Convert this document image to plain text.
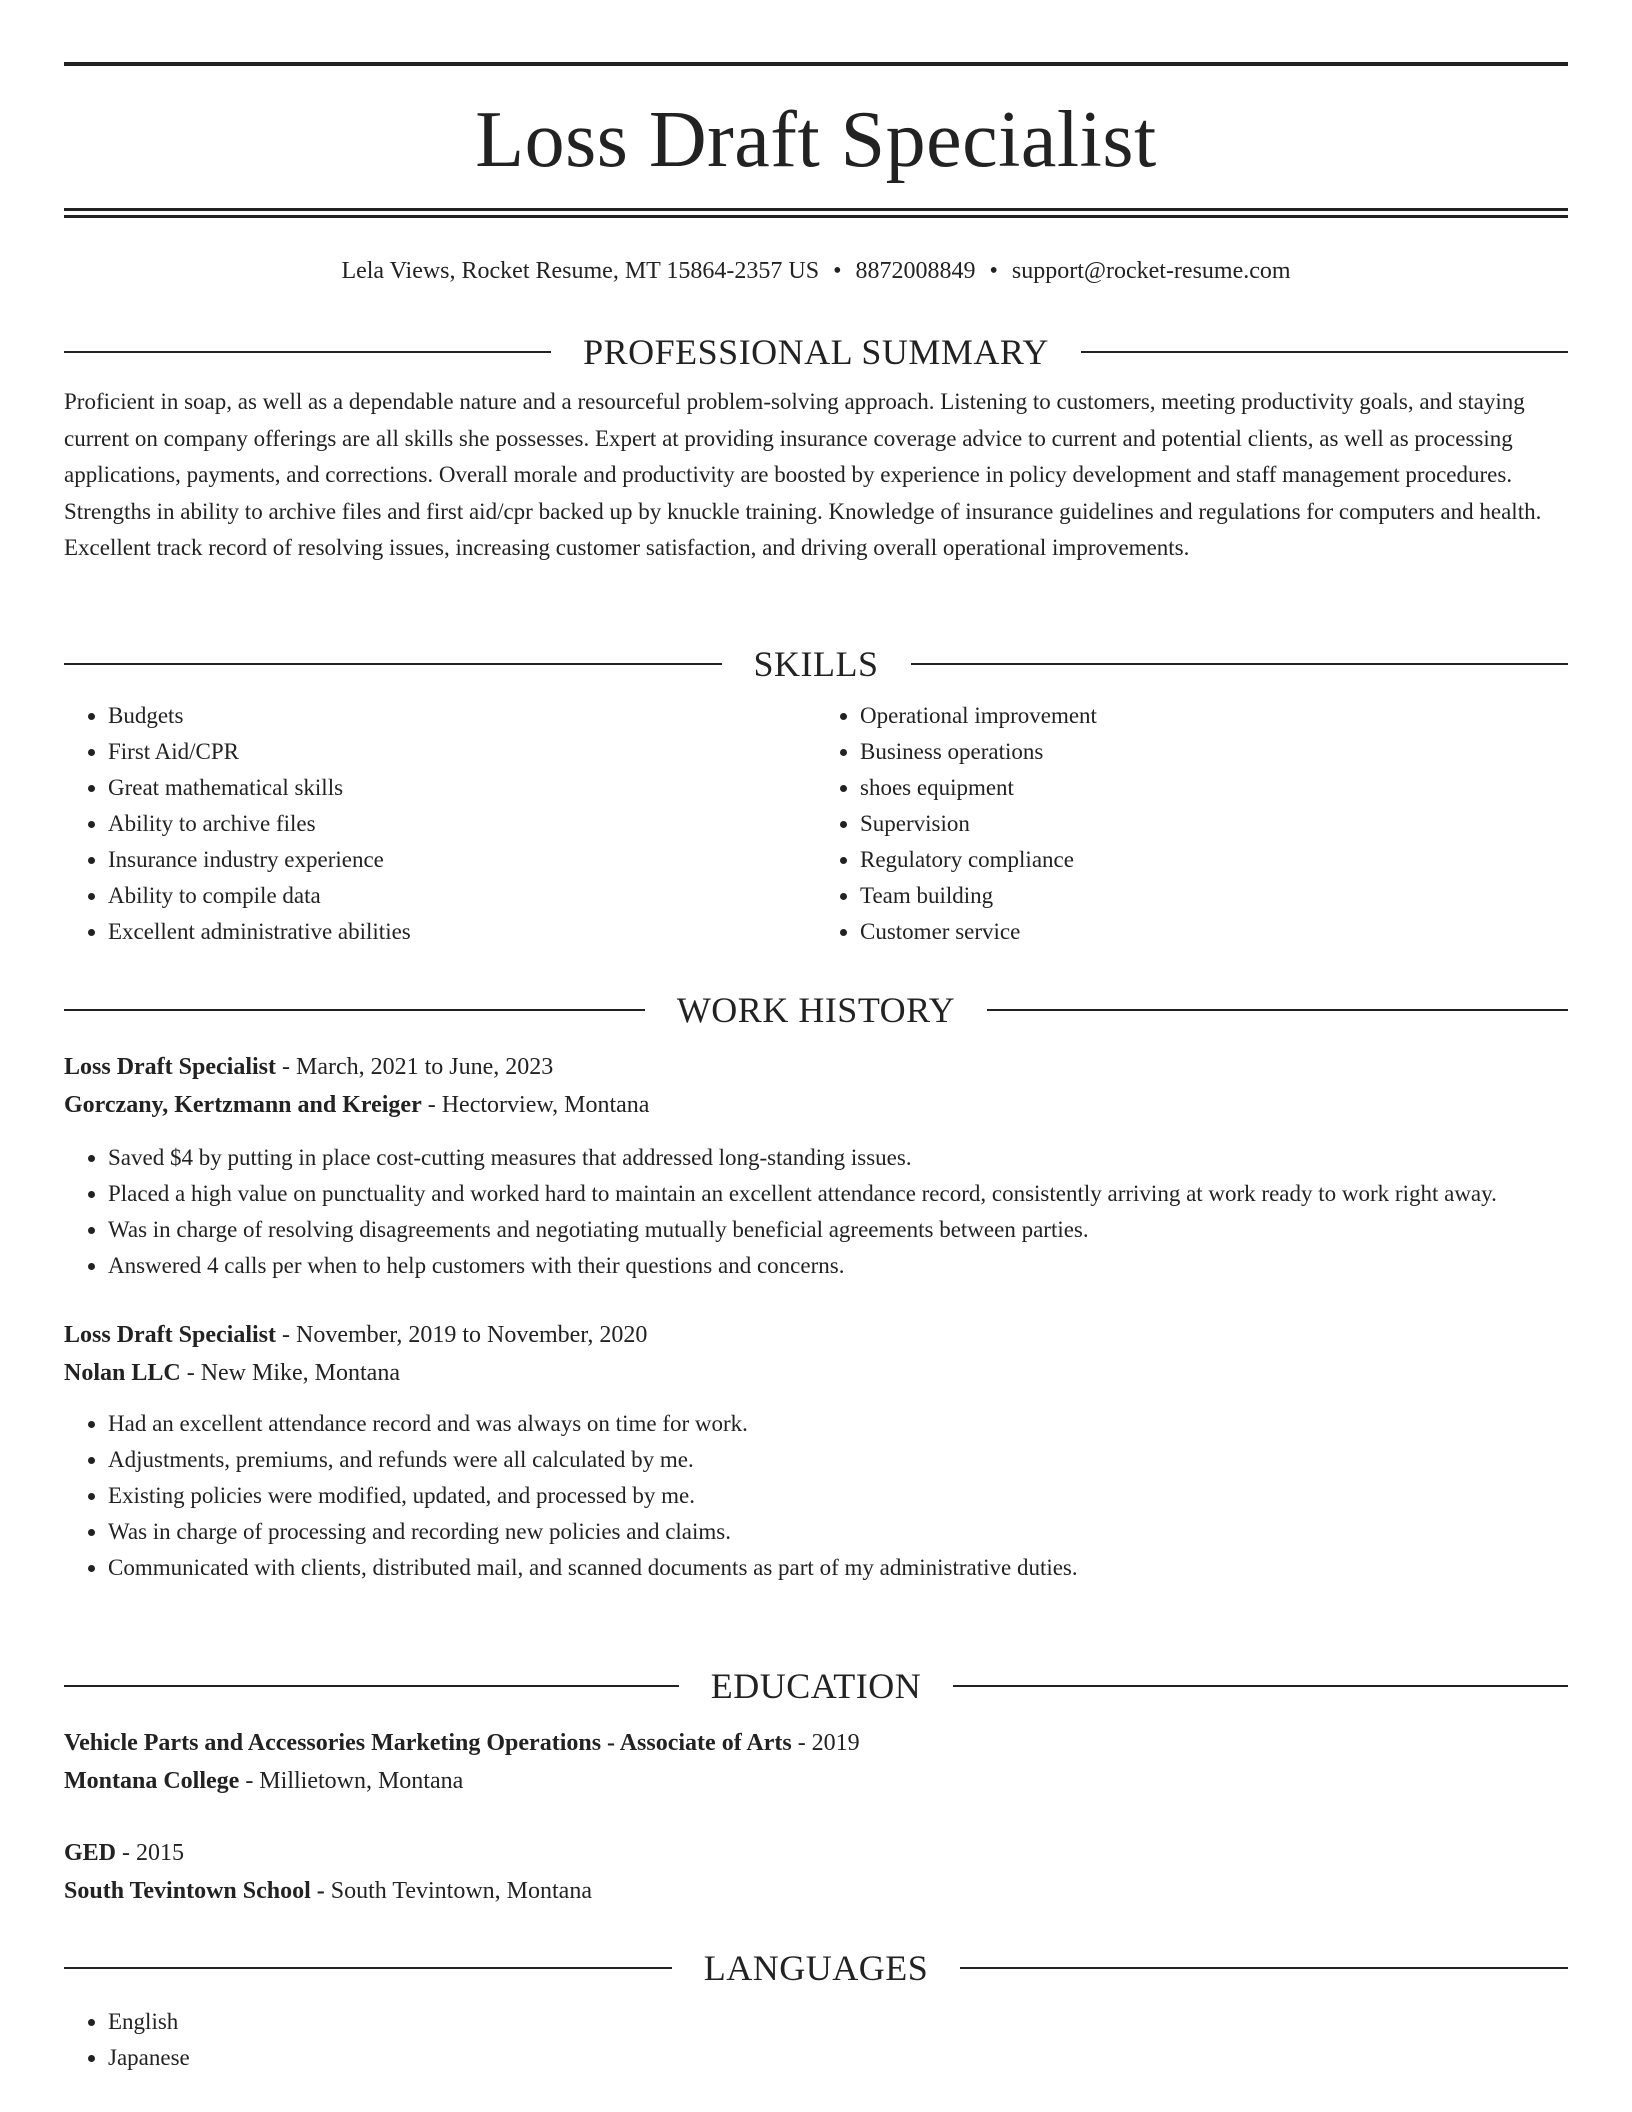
Loss Draft Specialist
Lela Views, Rocket Resume, MT 15864-2357 US • 8872008849 • support@rocket-resume.com
PROFESSIONAL SUMMARY

Proficient in soap, as well as a dependable nature and a resourceful problem-solving approach. Listening to customers, meeting productivity goals, and staying current on company offerings are all skills she possesses. Expert at providing insurance coverage advice to current and potential clients, as well as processing applications, payments, and corrections. Overall morale and productivity are boosted by experience in policy development and staff management procedures. Strengths in ability to archive files and first aid/cpr backed up by knuckle training. Knowledge of insurance guidelines and regulations for computers and health. Excellent track record of resolving issues, increasing customer satisfaction, and driving overall operational improvements.

SKILLS
• Budgets
• First Aid/CPR
• Great mathematical skills
• Ability to archive files
• Insurance industry experience
• Ability to compile data
• Excellent administrative abilities
• Operational improvement
• Business operations
• shoes equipment
• Supervision
• Regulatory compliance
• Team building
• Customer service
WORK HISTORY
Loss Draft Specialist - March, 2021 to June, 2023
Gorczany, Kertzmann and Kreiger - Hectorview, Montana
• Saved $4 by putting in place cost-cutting measures that addressed long-standing issues.
• Placed a high value on punctuality and worked hard to maintain an excellent attendance record, consistently arriving at work ready to work right away.
• Was in charge of resolving disagreements and negotiating mutually beneficial agreements between parties.
• Answered 4 calls per when to help customers with their questions and concerns.
Loss Draft Specialist - November, 2019 to November, 2020
Nolan LLC - New Mike, Montana
• Had an excellent attendance record and was always on time for work.
• Adjustments, premiums, and refunds were all calculated by me.
• Existing policies were modified, updated, and processed by me.
• Was in charge of processing and recording new policies and claims.
• Communicated with clients, distributed mail, and scanned documents as part of my administrative duties.
EDUCATION
Vehicle Parts and Accessories Marketing Operations - Associate of Arts - 2019
Montana College - Millietown, Montana
GED - 2015
South Tevintown School - South Tevintown, Montana
LANGUAGES
• English
• Japanese
